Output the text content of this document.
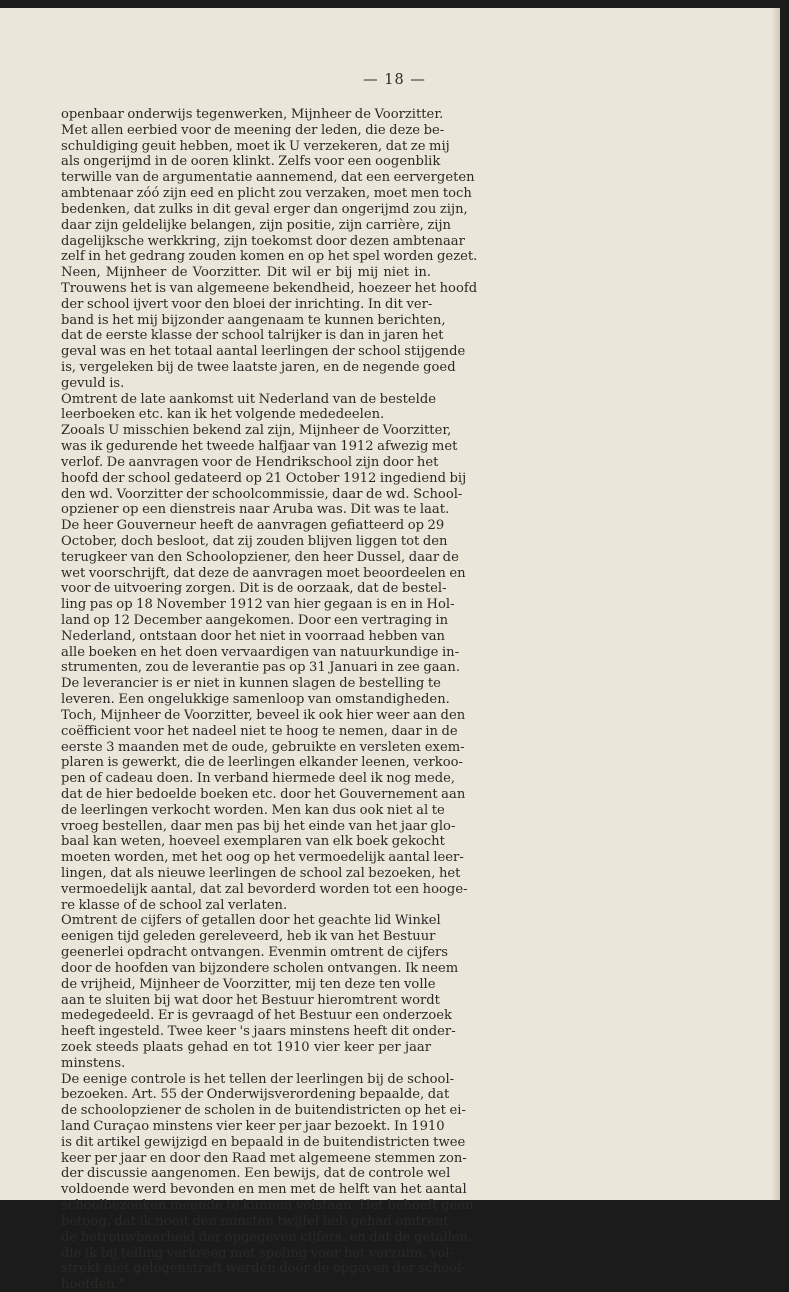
— 18 —
openbaar onderwijs tegenwerken, Mijnheer de Voorzitter.
Met allen eerbied voor de meening der leden, die deze be-
schuldiging geuit hebben, moet ik U verzekeren, dat ze mij
als ongerijmd in de ooren klinkt. Zelfs voor een oogenblik
terwille van de argumentatie aannemend, dat een eervergeten
ambtenaar zóó zijn eed en plicht zou verzaken, moet men toch
bedenken, dat zulks in dit geval erger dan ongerijmd zou zijn,
daar zijn geldelijke belangen, zijn positie, zijn carrière, zijn
dagelijksche werkkring, zijn toekomst door dezen ambtenaar
zelf in het gedrang zouden komen en op het spel worden gezet.
Neen, Mijnheer de Voorzitter. Dit wil er bij mij niet in.
Trouwens het is van algemeene bekendheid, hoezeer het hoofd
der school ijvert voor den bloei der inrichting. In dit ver-
band is het mij bijzonder aangenaam te kunnen berichten,
dat de eerste klasse der school talrijker is dan in jaren het
geval was en het totaal aantal leerlingen der school stijgende
is, vergeleken bij de twee laatste jaren, en de negende goed
gevuld is.
Omtrent de late aankomst uit Nederland van de bestelde
leerboeken etc. kan ik het volgende mededeelen.
Zooals U misschien bekend zal zijn, Mijnheer de Voorzitter,
was ik gedurende het tweede halfjaar van 1912 afwezig met
verlof. De aanvragen voor de Hendrikschool zijn door het
hoofd der school gedateerd op 21 October 1912 ingediend bij
den wd. Voorzitter der schoolcommissie, daar de wd. School-
opziener op een dienstreis naar Aruba was. Dit was te laat.
De heer Gouverneur heeft de aanvragen gefiatteerd op 29
October, doch besloot, dat zij zouden blijven liggen tot den
terugkeer van den Schoolopziener, den heer Dussel, daar de
wet voorschrijft, dat deze de aanvragen moet beoordeelen en
voor de uitvoering zorgen. Dit is de oorzaak, dat de bestel-
ling pas op 18 November 1912 van hier gegaan is en in Hol-
land op 12 December aangekomen. Door een vertraging in
Nederland, ontstaan door het niet in voorraad hebben van
alle boeken en het doen vervaardigen van natuurkundige in-
strumenten, zou de leverantie pas op 31 Januari in zee gaan.
De leverancier is er niet in kunnen slagen de bestelling te
leveren. Een ongelukkige samenloop van omstandigheden.
Toch, Mijnheer de Voorzitter, beveel ik ook hier weer aan den
coëfficient voor het nadeel niet te hoog te nemen, daar in de
eerste 3 maanden met de oude, gebruikte en versleten exem-
plaren is gewerkt, die de leerlingen elkander leenen, verkoo-
pen of cadeau doen. In verband hiermede deel ik nog mede,
dat de hier bedoelde boeken etc. door het Gouvernement aan
de leerlingen verkocht worden. Men kan dus ook niet al te
vroeg bestellen, daar men pas bij het einde van het jaar glo-
baal kan weten, hoeveel exemplaren van elk boek gekocht
moeten worden, met het oog op het vermoedelijk aantal leer-
lingen, dat als nieuwe leerlingen de school zal bezoeken, het
vermoedelijk aantal, dat zal bevorderd worden tot een hooge-
re klasse of de school zal verlaten.
Omtrent de cijfers of getallen door het geachte lid Winkel
eenigen tijd geleden gereleveerd, heb ik van het Bestuur
geenerlei opdracht ontvangen. Evenmin omtrent de cijfers
door de hoofden van bijzondere scholen ontvangen. Ik neem
de vrijheid, Mijnheer de Voorzitter, mij ten deze ten volle
aan te sluiten bij wat door het Bestuur hieromtrent wordt
medegedeeld. Er is gevraagd of het Bestuur een onderzoek
heeft ingesteld. Twee keer 's jaars minstens heeft dit onder-
zoek steeds plaats gehad en tot 1910 vier keer per jaar
minstens.
De eenige controle is het tellen der leerlingen bij de school-
bezoeken. Art. 55 der Onderwijsverordening bepaalde, dat
de schoolopziener de scholen in de buitendistricten op het ei-
land Curaçao minstens vier keer per jaar bezoekt. In 1910
is dit artikel gewijzigd en bepaald in de buitendistricten twee
keer per jaar en door den Raad met algemeene stemmen zon-
der discussie aangenomen. Een bewijs, dat de controle wel
voldoende werd bevonden en men met de helft van het aantal
schoolbezoeken meende te kunnen volstaan. Het behoeft geen
betoog, dat ik nooit den minsten twijfel heb gehad omtrent
de betrouwbaarheid der opgegeven cijfers, en dat de getallen,
die ik bij telling verkreeg met speling voor het verzuim, vol-
strekt niet gelogenstraft werden door de opgaven der school-
hoofden."
